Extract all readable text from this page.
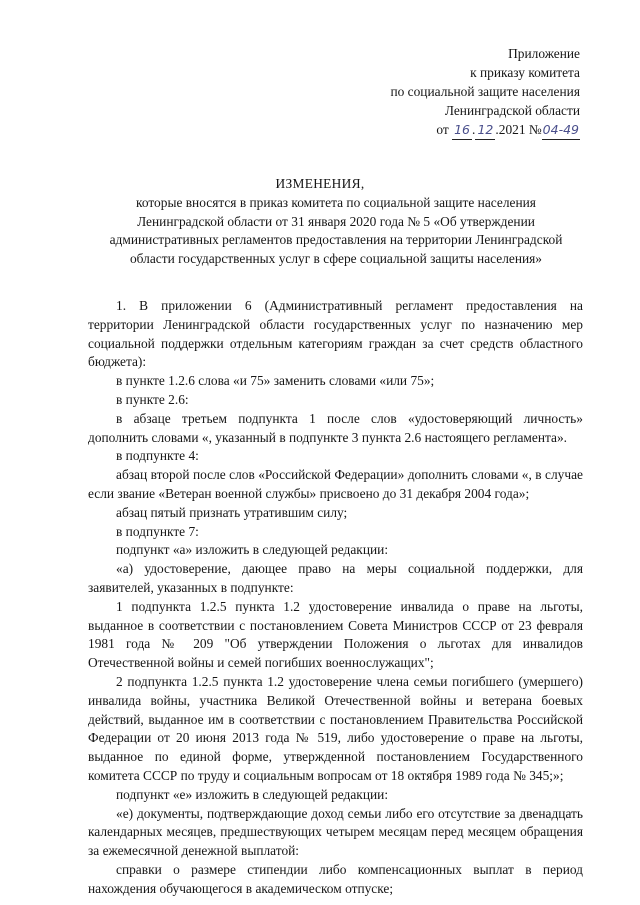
Приложение
к приказу комитета
по социальной защите населения
Ленинградской области
от 16 . 12 .2021 №04-49
ИЗМЕНЕНИЯ,
которые вносятся в приказ комитета по социальной защите населения
Ленинградской области от 31 января 2020 года № 5 «Об утверждении
административных регламентов предоставления на территории Ленинградской
области государственных услуг в сфере социальной защиты населения»

1. В приложении 6 (Административный регламент предоставления на территории Ленинградской области государственных услуг по назначению мер социальной поддержки отдельным категориям граждан за счет средств областного бюджета):

в пункте 1.2.6 слова «и 75» заменить словами «или 75»;

в пункте 2.6:

в абзаце третьем подпункта 1 после слов «удостоверяющий личность» дополнить словами «, указанный в подпункте 3 пункта 2.6 настоящего регламента».

в подпункте 4:

абзац второй после слов «Российской Федерации» дополнить словами «, в случае если звание «Ветеран военной службы» присвоено до 31 декабря 2004 года»;

абзац пятый признать утратившим силу;

в подпункте 7:

подпункт «а» изложить в следующей редакции:

«а) удостоверение, дающее право на меры социальной поддержки, для заявителей, указанных в подпункте:

1 подпункта 1.2.5 пункта 1.2 удостоверение инвалида о праве на льготы, выданное в соответствии с постановлением Совета Министров СССР от 23 февраля 1981 года № 209 "Об утверждении Положения о льготах для инвалидов Отечественной войны и семей погибших военнослужащих";

2 подпункта 1.2.5 пункта 1.2 удостоверение члена семьи погибшего (умершего) инвалида войны, участника Великой Отечественной войны и ветерана боевых действий, выданное им в соответствии с постановлением Правительства Российской Федерации от 20 июня 2013 года № 519, либо удостоверение о праве на льготы, выданное по единой форме, утвержденной постановлением Государственного комитета СССР по труду и социальным вопросам от 18 октября 1989 года № 345;»;

подпункт «е» изложить в следующей редакции:

«е) документы, подтверждающие доход семьи либо его отсутствие за двенадцать календарных месяцев, предшествующих четырем месяцам перед месяцем обращения за ежемесячной денежной выплатой:

справки о размере стипендии либо компенсационных выплат в период нахождения обучающегося в академическом отпуске;
